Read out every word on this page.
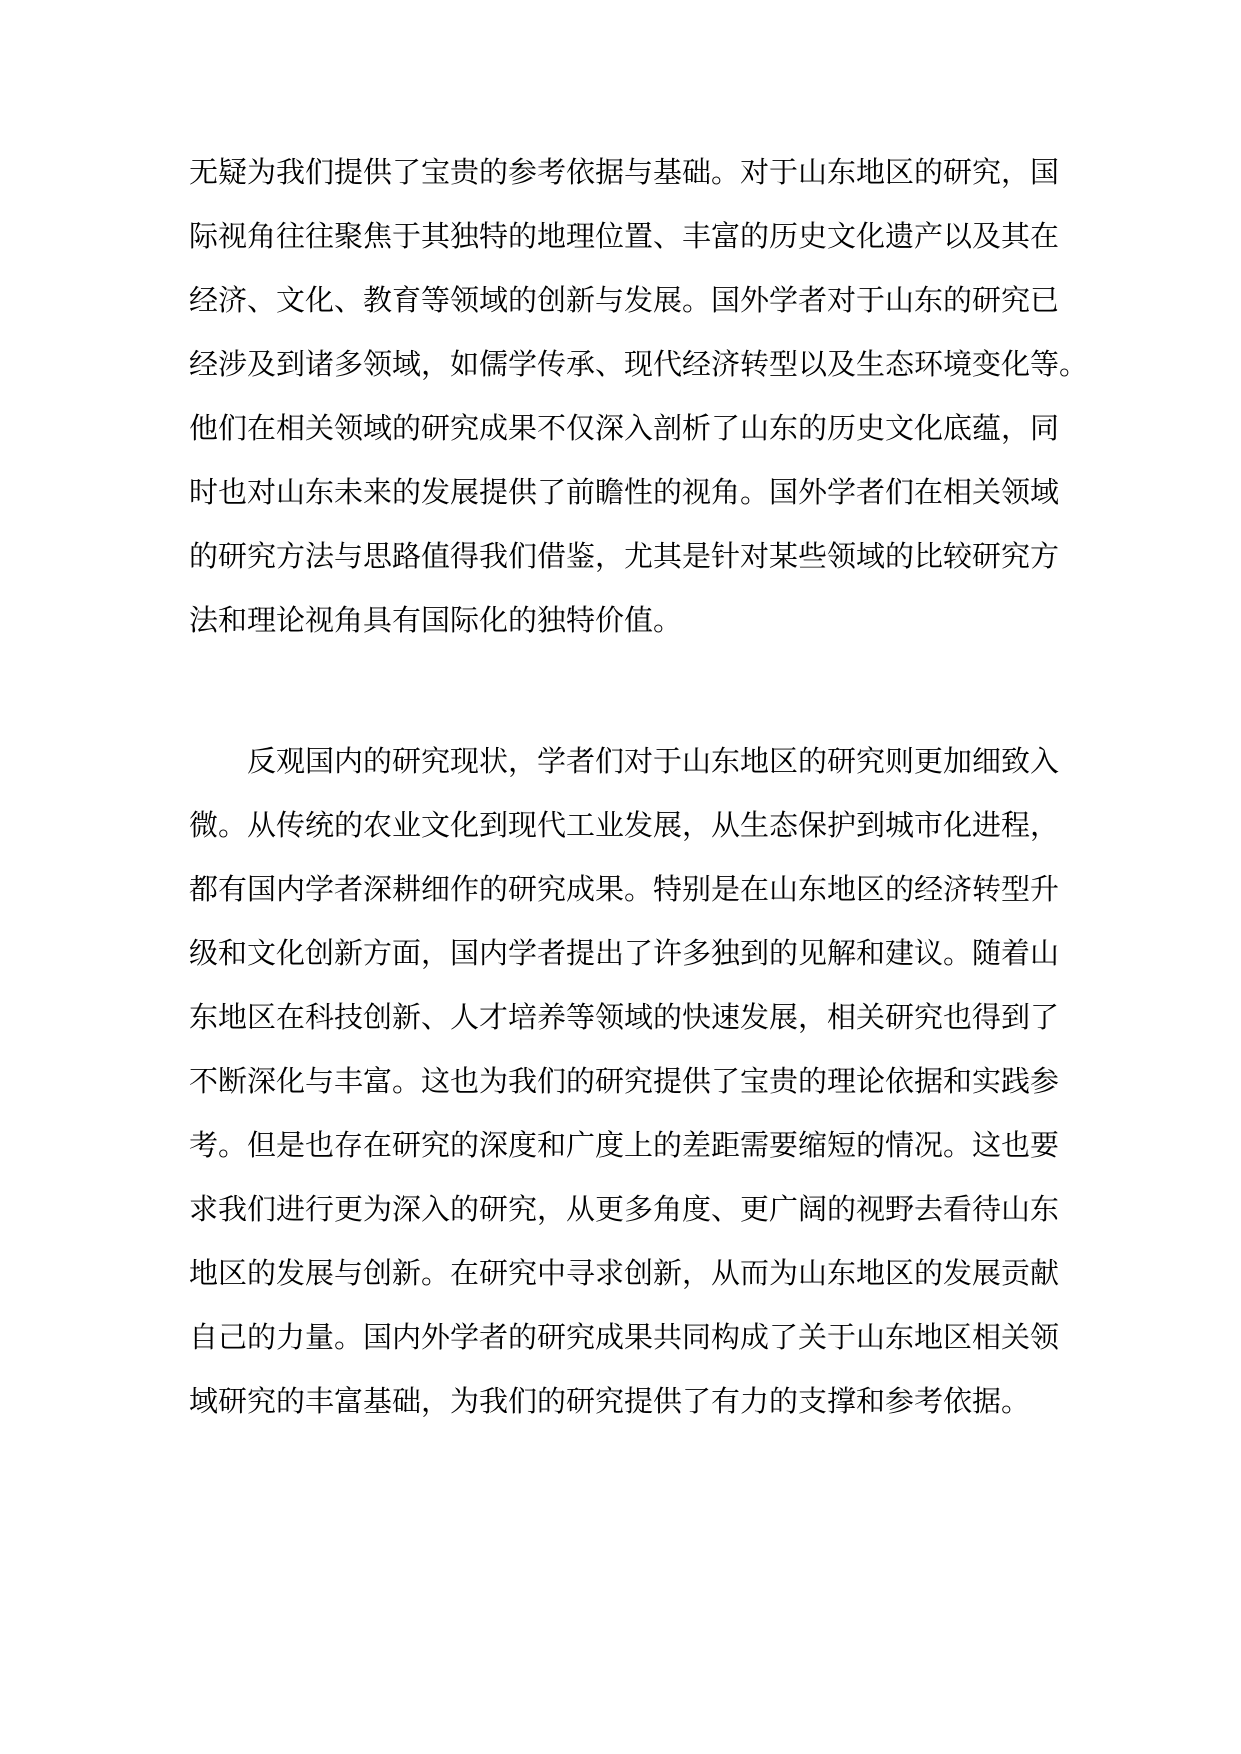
无疑为我们提供了宝贵的参考依据与基础。对于山东地区的研究，国
际视角往往聚焦于其独特的地理位置、丰富的历史文化遗产以及其在
经济、文化、教育等领域的创新与发展。国外学者对于山东的研究已
经涉及到诸多领域，如儒学传承、现代经济转型以及生态环境变化等。
他们在相关领域的研究成果不仅深入剖析了山东的历史文化底蕴，同
时也对山东未来的发展提供了前瞻性的视角。国外学者们在相关领域
的研究方法与思路值得我们借鉴，尤其是针对某些领域的比较研究方
法和理论视角具有国际化的独特价值。
反观国内的研究现状，学者们对于山东地区的研究则更加细致入
微。从传统的农业文化到现代工业发展，从生态保护到城市化进程，
都有国内学者深耕细作的研究成果。特别是在山东地区的经济转型升
级和文化创新方面，国内学者提出了许多独到的见解和建议。随着山
东地区在科技创新、人才培养等领域的快速发展，相关研究也得到了
不断深化与丰富。这也为我们的研究提供了宝贵的理论依据和实践参
考。但是也存在研究的深度和广度上的差距需要缩短的情况。这也要
求我们进行更为深入的研究，从更多角度、更广阔的视野去看待山东
地区的发展与创新。在研究中寻求创新，从而为山东地区的发展贡献
自己的力量。国内外学者的研究成果共同构成了关于山东地区相关领
域研究的丰富基础，为我们的研究提供了有力的支撑和参考依据。
